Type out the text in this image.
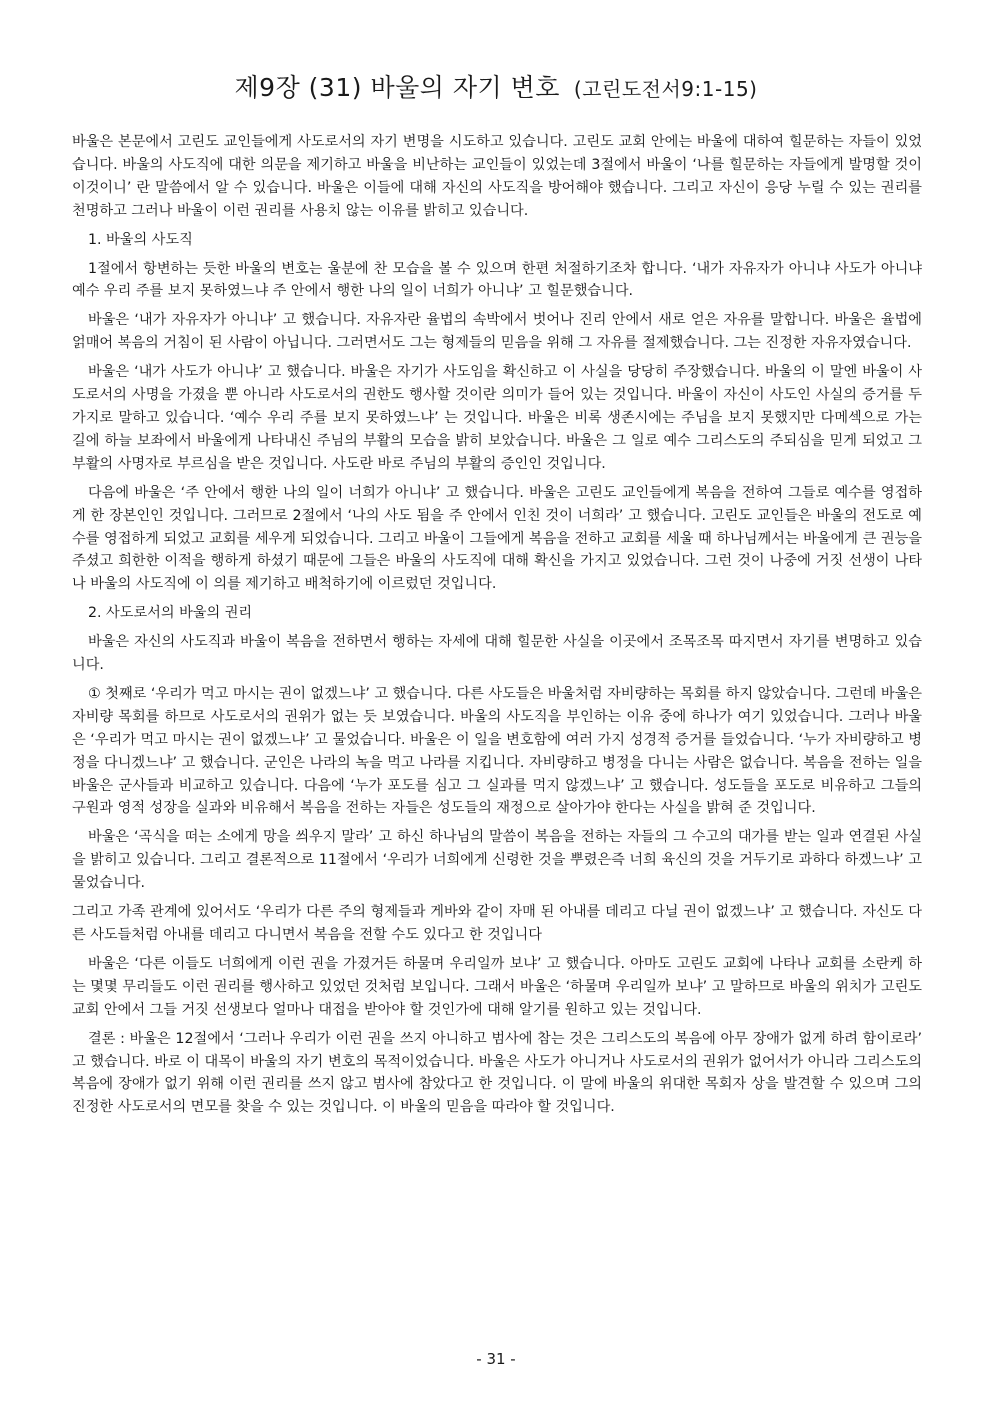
제9장 (31) 바울의 자기 변호 (고린도전서9:1-15)

바울은 본문에서 고린도 교인들에게 사도로서의 자기 변명을 시도하고 있습니다. 고린도 교회 안에는 바울에 대하여 힐문하는 자들이 있었습니다. 바울의 사도직에 대한 의문을 제기하고 바울을 비난하는 교인들이 있었는데 3절에서 바울이 ‘나를 힐문하는 자들에게 발명할 것이 이것이니’ 란 말씀에서 알 수 있습니다. 바울은 이들에 대해 자신의 사도직을 방어해야 했습니다. 그리고 자신이 응당 누릴 수 있는 권리를 천명하고 그러나 바울이 이런 권리를 사용치 않는 이유를 밝히고 있습니다.

1. 바울의 사도직

1절에서 항변하는 듯한 바울의 변호는 울분에 찬 모습을 볼 수 있으며 한편 처절하기조차 합니다. ‘내가 자유자가 아니냐 사도가 아니냐 예수 우리 주를 보지 못하였느냐 주 안에서 행한 나의 일이 너희가 아니냐’ 고 힐문했습니다.

바울은 ‘내가 자유자가 아니냐’ 고 했습니다. 자유자란 율법의 속박에서 벗어나 진리 안에서 새로 얻은 자유를 말합니다. 바울은 율법에 얽매어 복음의 거침이 된 사람이 아닙니다. 그러면서도 그는 형제들의 믿음을 위해 그 자유를 절제했습니다. 그는 진정한 자유자였습니다.

바울은 ‘내가 사도가 아니냐’ 고 했습니다. 바울은 자기가 사도임을 확신하고 이 사실을 당당히 주장했습니다. 바울의 이 말엔 바울이 사도로서의 사명을 가졌을 뿐 아니라 사도로서의 권한도 행사할 것이란 의미가 들어 있는 것입니다. 바울이 자신이 사도인 사실의 증거를 두 가지로 말하고 있습니다. ‘예수 우리 주를 보지 못하였느냐’ 는 것입니다. 바울은 비록 생존시에는 주님을 보지 못했지만 다메섹으로 가는 길에 하늘 보좌에서 바울에게 나타내신 주님의 부활의 모습을 밝히 보았습니다. 바울은 그 일로 예수 그리스도의 주되심을 믿게 되었고 그 부활의 사명자로 부르심을 받은 것입니다. 사도란 바로 주님의 부활의 증인인 것입니다.

다음에 바울은 ‘주 안에서 행한 나의 일이 너희가 아니냐’ 고 했습니다. 바울은 고린도 교인들에게 복음을 전하여 그들로 예수를 영접하게 한 장본인인 것입니다. 그러므로 2절에서 ‘나의 사도 됨을 주 안에서 인친 것이 너희라’ 고 했습니다. 고린도 교인들은 바울의 전도로 예수를 영접하게 되었고 교회를 세우게 되었습니다. 그리고 바울이 그들에게 복음을 전하고 교회를 세울 때 하나님께서는 바울에게 큰 권능을 주셨고 희한한 이적을 행하게 하셨기 때문에 그들은 바울의 사도직에 대해 확신을 가지고 있었습니다. 그런 것이 나중에 거짓 선생이 나타나 바울의 사도직에 이 의를 제기하고 배척하기에 이르렀던 것입니다.

2. 사도로서의 바울의 권리

바울은 자신의 사도직과 바울이 복음을 전하면서 행하는 자세에 대해 힐문한 사실을 이곳에서 조목조목 따지면서 자기를 변명하고 있습니다.

① 첫째로 ‘우리가 먹고 마시는 권이 없겠느냐’ 고 했습니다. 다른 사도들은 바울처럼 자비량하는 목회를 하지 않았습니다. 그런데 바울은 자비량 목회를 하므로 사도로서의 권위가 없는 듯 보였습니다. 바울의 사도직을 부인하는 이유 중에 하나가 여기 있었습니다. 그러나 바울은 ‘우리가 먹고 마시는 권이 없겠느냐’ 고 물었습니다. 바울은 이 일을 변호함에 여러 가지 성경적 증거를 들었습니다. ‘누가 자비량하고 병정을 다니겠느냐’ 고 했습니다. 군인은 나라의 녹을 먹고 나라를 지킵니다. 자비량하고 병정을 다니는 사람은 없습니다. 복음을 전하는 일을 바울은 군사들과 비교하고 있습니다. 다음에 ‘누가 포도를 심고 그 실과를 먹지 않겠느냐’ 고 했습니다. 성도들을 포도로 비유하고 그들의 구원과 영적 성장을 실과와 비유해서 복음을 전하는 자들은 성도들의 재정으로 살아가야 한다는 사실을 밝혀 준 것입니다.

바울은 ‘곡식을 떠는 소에게 망을 씌우지 말라’ 고 하신 하나님의 말씀이 복음을 전하는 자들의 그 수고의 대가를 받는 일과 연결된 사실을 밝히고 있습니다. 그리고 결론적으로 11절에서 ‘우리가 너희에게 신령한 것을 뿌렸은즉 너희 육신의 것을 거두기로 과하다 하겠느냐’ 고 물었습니다.

그리고 가족 관계에 있어서도 ‘우리가 다른 주의 형제들과 게바와 같이 자매 된 아내를 데리고 다닐 권이 없겠느냐’ 고 했습니다. 자신도 다른 사도들처럼 아내를 데리고 다니면서 복음을 전할 수도 있다고 한 것입니다

바울은 ‘다른 이들도 너희에게 이런 권을 가졌거든 하물며 우리일까 보냐’ 고 했습니다. 아마도 고린도 교회에 나타나 교회를 소란케 하는 몇몇 무리들도 이런 권리를 행사하고 있었던 것처럼 보입니다. 그래서 바울은 ‘하물며 우리일까 보냐’ 고 말하므로 바울의 위치가 고린도 교회 안에서 그들 거짓 선생보다 얼마나 대접을 받아야 할 것인가에 대해 알기를 원하고 있는 것입니다.

결론 : 바울은 12절에서 ‘그러나 우리가 이런 권을 쓰지 아니하고 범사에 참는 것은 그리스도의 복음에 아무 장애가 없게 하려 함이로라’ 고 했습니다. 바로 이 대목이 바울의 자기 변호의 목적이었습니다. 바울은 사도가 아니거나 사도로서의 권위가 없어서가 아니라 그리스도의 복음에 장애가 없기 위해 이런 권리를 쓰지 않고 범사에 참았다고 한 것입니다. 이 말에 바울의 위대한 목회자 상을 발견할 수 있으며 그의 진정한 사도로서의 면모를 찾을 수 있는 것입니다. 이 바울의 믿음을 따라야 할 것입니다.

- 31 -
